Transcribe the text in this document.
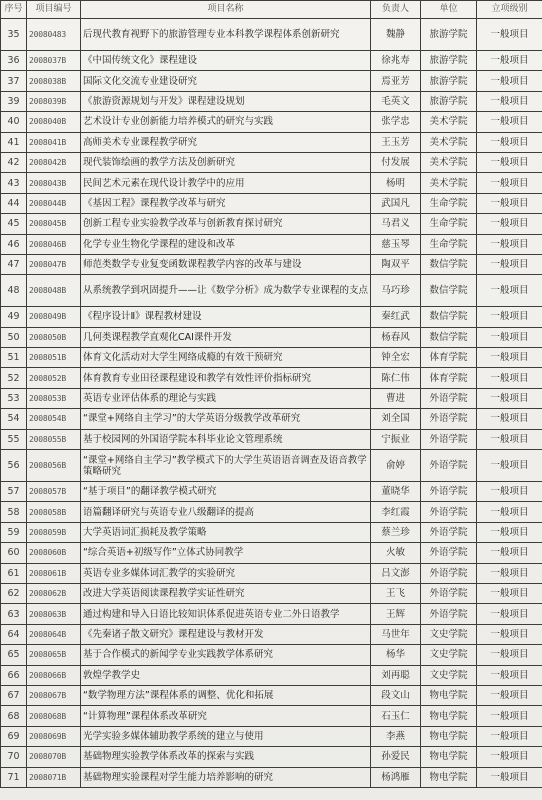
序号	项目编号	项目名称	负责人	单位	立项级别
35	20080483	后现代教育视野下的旅游管理专业本科教学课程体系创新研究	魏静	旅游学院	一般项目
36	2008037B	《中国传统文化》课程建设	徐兆寿	旅游学院	一般项目
37	2008038B	国际文化交流专业建设研究	焉亚芳	旅游学院	一般项目
39	2008039B	《旅游资源规划与开发》课程建设规划	毛英文	旅游学院	一般项目
40	2008040B	艺术设计专业创新能力培养模式的研究与实践	张学忠	美术学院	一般项目
41	2008041B	高师美术专业课程教学研究	王玉芳	美术学院	一般项目
42	2008042B	现代装饰绘画的教学方法及创新研究	付发展	美术学院	一般项目
43	2008043B	民间艺术元素在现代设计教学中的应用	杨明	美术学院	一般项目
44	2008044B	《基因工程》课程教学改革与研究	武国凡	生命学院	一般项目
45	2008045B	创新工程专业实验教学改革与创新教育探讨研究	马君义	生命学院	一般项目
46	2008046B	化学专业生物化学课程的建设和改革	慈玉琴	生命学院	一般项目
47	2008047B	师范类数学专业复变函数课程教学内容的改革与建设	陶双平	数信学院	一般项目
48	2008048B	从系统教学到巩固提升——让《数学分析》成为数学专业课程的支点	马巧珍	数信学院	一般项目
49	2008049B	《程序设计Ⅱ》课程教材建设	秦红武	数信学院	一般项目
50	2008050B	几何类课程教学直观化CAI课件开发	杨春风	数信学院	一般项目
51	2008051B	体育文化活动对大学生网络成瘾的有效干预研究	钟全宏	体育学院	一般项目
52	2008052B	体育教育专业田径课程建设和教学有效性评价指标研究	陈仁伟	体育学院	一般项目
53	2008053B	英语专业评估体系的理论与实践	曹进	外语学院	一般项目
54	2008054B	“课堂+网络自主学习”的大学英语分级教学改革研究	刘全国	外语学院	一般项目
55	2008055B	基于校园网的外国语学院本科毕业论文管理系统	宁振业	外语学院	一般项目
56	2008056B	“课堂+网络自主学习”教学模式下的大学生英语语音调查及语音教学策略研究	俞婷	外语学院	一般项目
57	2008057B	“基于项目”的翻译教学模式研究	董晓华	外语学院	一般项目
58	2008058B	语篇翻译研究与英语专业八级翻译的提高	李红霞	外语学院	一般项目
59	2008059B	大学英语词汇损耗及教学策略	蔡兰珍	外语学院	一般项目
60	2008060B	“综合英语+初级写作”立体式协同教学	火敏	外语学院	一般项目
61	2008061B	英语专业多媒体词汇教学的实验研究	吕文澎	外语学院	一般项目
62	2008062B	改进大学英语阅读课程教学实证性研究	王飞	外语学院	一般项目
63	2008063B	通过构建和导入日语比较知识体系促进英语专业二外日语教学	王辉	外语学院	一般项目
64	2008064B	《先秦诸子散文研究》课程建设与教材开发	马世年	文史学院	一般项目
65	2008065B	基于合作模式的新闻学专业实践教学体系研究	杨华	文史学院	一般项目
66	2008066B	敦煌学教学史	刘再聪	文史学院	一般项目
67	2008067B	“数学物理方法”课程体系的调整、优化和拓展	段文山	物电学院	一般项目
68	2008068B	“计算物理”课程体系改革研究	石玉仁	物电学院	一般项目
69	2008069B	光学实验多媒体辅助教学系统的建立与使用	李燕	物电学院	一般项目
70	2008070B	基础物理实验教学体系改革的探索与实践	孙爱民	物电学院	一般项目
71	2008071B	基础物理实验课程对学生能力培养影响的研究	杨鸿雁	物电学院	一般项目
